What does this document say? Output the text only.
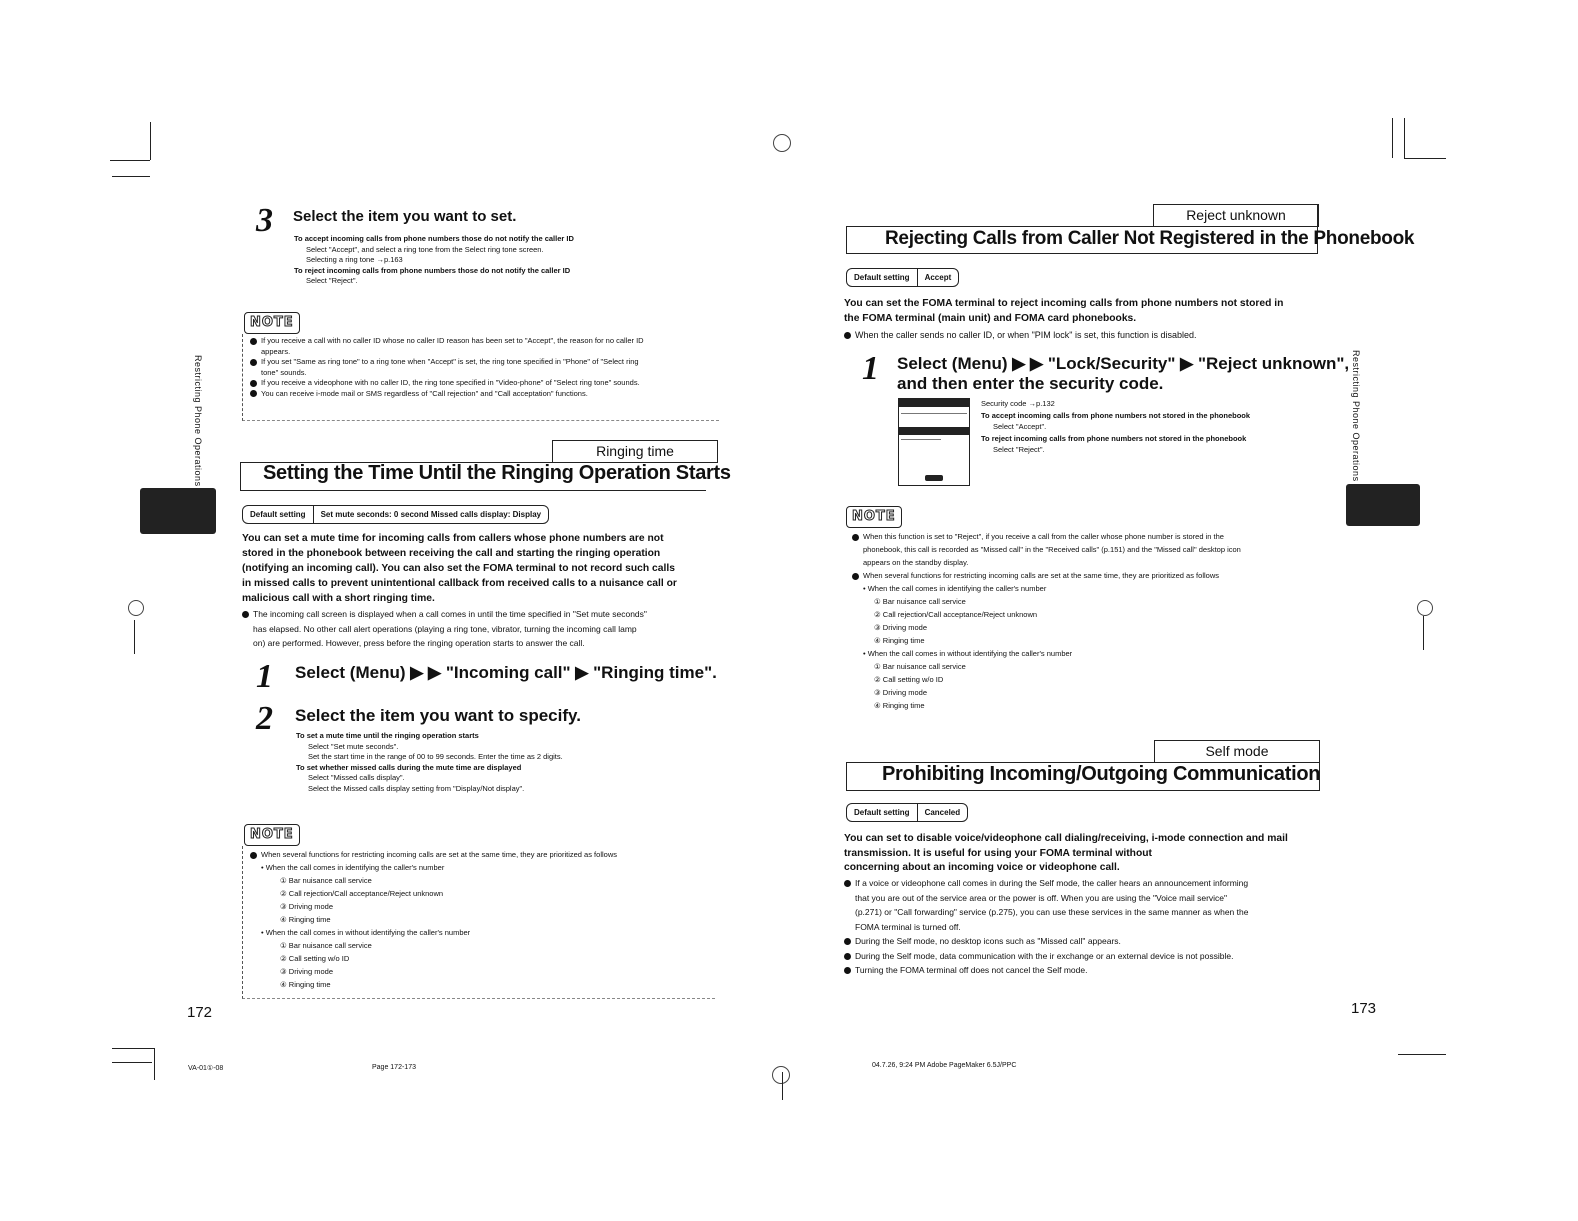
3 Select the item you want to set.
To accept incoming calls from phone numbers those do not notify the caller ID
Select "Accept", and select a ring tone from the Select ring tone screen.
Selecting a ring tone →p.163
To reject incoming calls from phone numbers those do not notify the caller ID
Select "Reject".
NOTE
If you receive a call with no caller ID whose no caller ID reason has been set to "Accept", the reason for no caller ID
appears.
If you set "Same as ring tone" to a ring tone when "Accept" is set, the ring tone specified in "Phone" of "Select ring
tone" sounds.
If you receive a videophone with no caller ID, the ring tone specified in "Video-phone" of "Select ring tone" sounds.
You can receive i-mode mail or SMS regardless of "Call rejection" and "Call acceptation" functions.
Ringing time
Setting the Time Until the Ringing Operation Starts
Default setting	Set mute seconds: 0 second Missed calls display: Display
You can set a mute time for incoming calls from callers whose phone numbers are not
stored in the phonebook between receiving the call and starting the ringing operation
(notifying an incoming call). You can also set the FOMA terminal to not record such calls
in missed calls to prevent unintentional callback from received calls to a nuisance call or
malicious call with a short ringing time.
The incoming call screen is displayed when a call comes in until the time specified in "Set mute seconds"
has elapsed. No other call alert operations (playing a ring tone, vibrator, turning the incoming call lamp
on) are performed. However, press before the ringing operation starts to answer the call.
1 Select (Menu) ▶ ▶ "Incoming call" ▶ "Ringing time".
2 Select the item you want to specify.
To set a mute time until the ringing operation starts
Select "Set mute seconds".
Set the start time in the range of 00 to 99 seconds. Enter the time as 2 digits.
To set whether missed calls during the mute time are displayed
Select "Missed calls display".
Select the Missed calls display setting from "Display/Not display".
NOTE
When several functions for restricting incoming calls are set at the same time, they are prioritized as follows
• When the call comes in identifying the caller's number
① Bar nuisance call service
② Call rejection/Call acceptance/Reject unknown
③ Driving mode
④ Ringing time
• When the call comes in without identifying the caller's number
① Bar nuisance call service
② Call setting w/o ID
③ Driving mode
④ Ringing time
Restricting Phone Operations
172
VA-01①-08	Page 172-173
Reject unknown
Rejecting Calls from Caller Not Registered in the Phonebook
Default setting	Accept
You can set the FOMA terminal to reject incoming calls from phone numbers not stored in
the FOMA terminal (main unit) and FOMA card phonebooks.
When the caller sends no caller ID, or when "PIM lock" is set, this function is disabled.
1 Select (Menu) ▶ ▶ "Lock/Security" ▶ "Reject unknown",
and then enter the security code.
Security code →p.132
To accept incoming calls from phone numbers not stored in the phonebook
Select "Accept".
To reject incoming calls from phone numbers not stored in the phonebook
Select "Reject".
NOTE
When this function is set to "Reject", if you receive a call from the caller whose phone number is stored in the
phonebook, this call is recorded as "Missed call" in the "Received calls" (p.151) and the "Missed call" desktop icon
appears on the standby display.
When several functions for restricting incoming calls are set at the same time, they are prioritized as follows
• When the call comes in identifying the caller's number
① Bar nuisance call service
② Call rejection/Call acceptance/Reject unknown
③ Driving mode
④ Ringing time
• When the call comes in without identifying the caller's number
① Bar nuisance call service
② Call setting w/o ID
③ Driving mode
④ Ringing time
Self mode
Prohibiting Incoming/Outgoing Communication
Default setting	Canceled
You can set to disable voice/videophone call dialing/receiving, i-mode connection and mail
transmission. It is useful for using your FOMA terminal without
concerning about an incoming voice or videophone call.
If a voice or videophone call comes in during the Self mode, the caller hears an announcement informing
that you are out of the service area or the power is off. When you are using the "Voice mail service"
(p.271) or "Call forwarding" service (p.275), you can use these services in the same manner as when the
FOMA terminal is turned off.
During the Self mode, no desktop icons such as "Missed call" appears.
During the Self mode, data communication with the ir exchange or an external device is not possible.
Turning the FOMA terminal off does not cancel the Self mode.
Restricting Phone Operations
173
04.7.26, 9:24 PM Adobe PageMaker 6.5J/PPC
